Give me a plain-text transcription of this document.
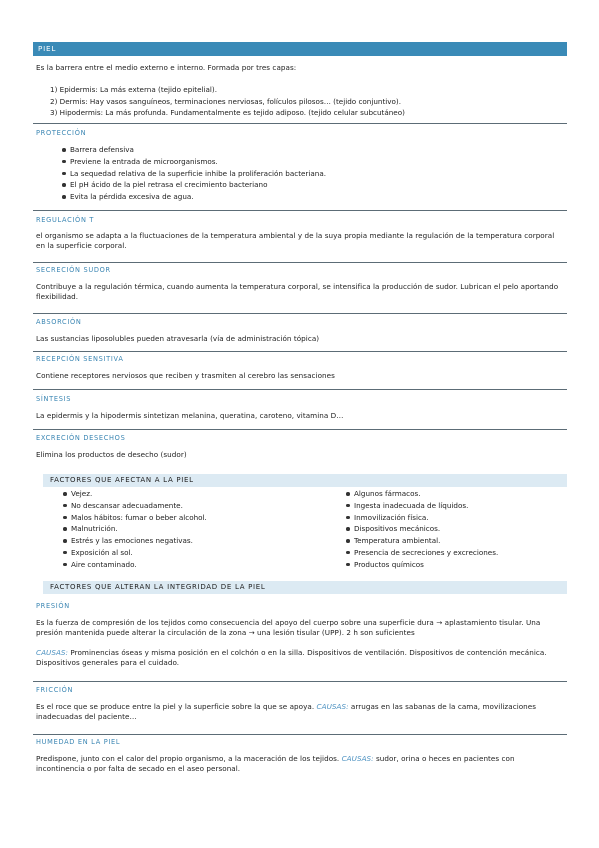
PIEL
Es la barrera entre el medio externo e interno. Formada por tres capas:
1) Epidermis: La más externa (tejido epitelial).
2) Dermis: Hay vasos sanguíneos, terminaciones nerviosas, folículos pilosos… (tejido conjuntivo).
3) Hipodermis: La más profunda. Fundamentalmente es tejido adiposo. (tejido celular subcutáneo)
PROTECCIÓN
Barrera defensiva
Previene la entrada de microorganismos.
La sequedad relativa de la superficie inhibe la proliferación bacteriana.
El pH ácido de la piel retrasa el crecimiento bacteriano
Evita la pérdida excesiva de agua.
REGULACIÓN T
el organismo se adapta a la fluctuaciones de la temperatura ambiental y de la suya propia mediante la regulación de la temperatura corporal en la superficie corporal.
SECRECIÓN SUDOR
Contribuye a la regulación térmica, cuando aumenta la temperatura corporal, se intensifica la producción de sudor. Lubrican el pelo aportando flexibilidad.
ABSORCIÓN
Las sustancias liposolubles pueden atravesarla (vía de administración tópica)
RECEPCIÓN SENSITIVA
Contiene receptores nerviosos que reciben y trasmiten al cerebro las sensaciones
SÍNTESIS
La epidermis y la hipodermis sintetizan melanina, queratina, caroteno, vitamina D…
EXCRECIÓN DESECHOS
Elimina los productos de desecho (sudor)
FACTORES QUE AFECTAN A LA PIEL
Vejez.
No descansar adecuadamente.
Malos hábitos: fumar o beber alcohol.
Malnutrición.
Estrés y las emociones negativas.
Exposición al sol.
Aire contaminado.
Algunos fármacos.
Ingesta inadecuada de líquidos.
Inmovilización física.
Dispositivos mecánicos.
Temperatura ambiental.
Presencia de secreciones y excreciones.
Productos químicos
FACTORES QUE ALTERAN LA INTEGRIDAD DE LA PIEL
PRESIÓN
Es la fuerza de compresión de los tejidos como consecuencia del apoyo del cuerpo sobre una superficie dura → aplastamiento tisular. Una presión mantenida puede alterar la circulación de la zona → una lesión tisular (UPP). 2 h son suficientes
CAUSAS: Prominencias óseas y misma posición en el colchón o en la silla. Dispositivos de ventilación. Dispositivos de contención mecánica. Dispositivos generales para el cuidado.
FRICCIÓN
Es el roce que se produce entre la piel y la superficie sobre la que se apoya. CAUSAS: arrugas en las sabanas de la cama, movilizaciones inadecuadas del paciente…
HUMEDAD EN LA PIEL
Predispone, junto con el calor del propio organismo, a la maceración de los tejidos. CAUSAS: sudor, orina o heces en pacientes con incontinencia o por falta de secado en el aseo personal.
